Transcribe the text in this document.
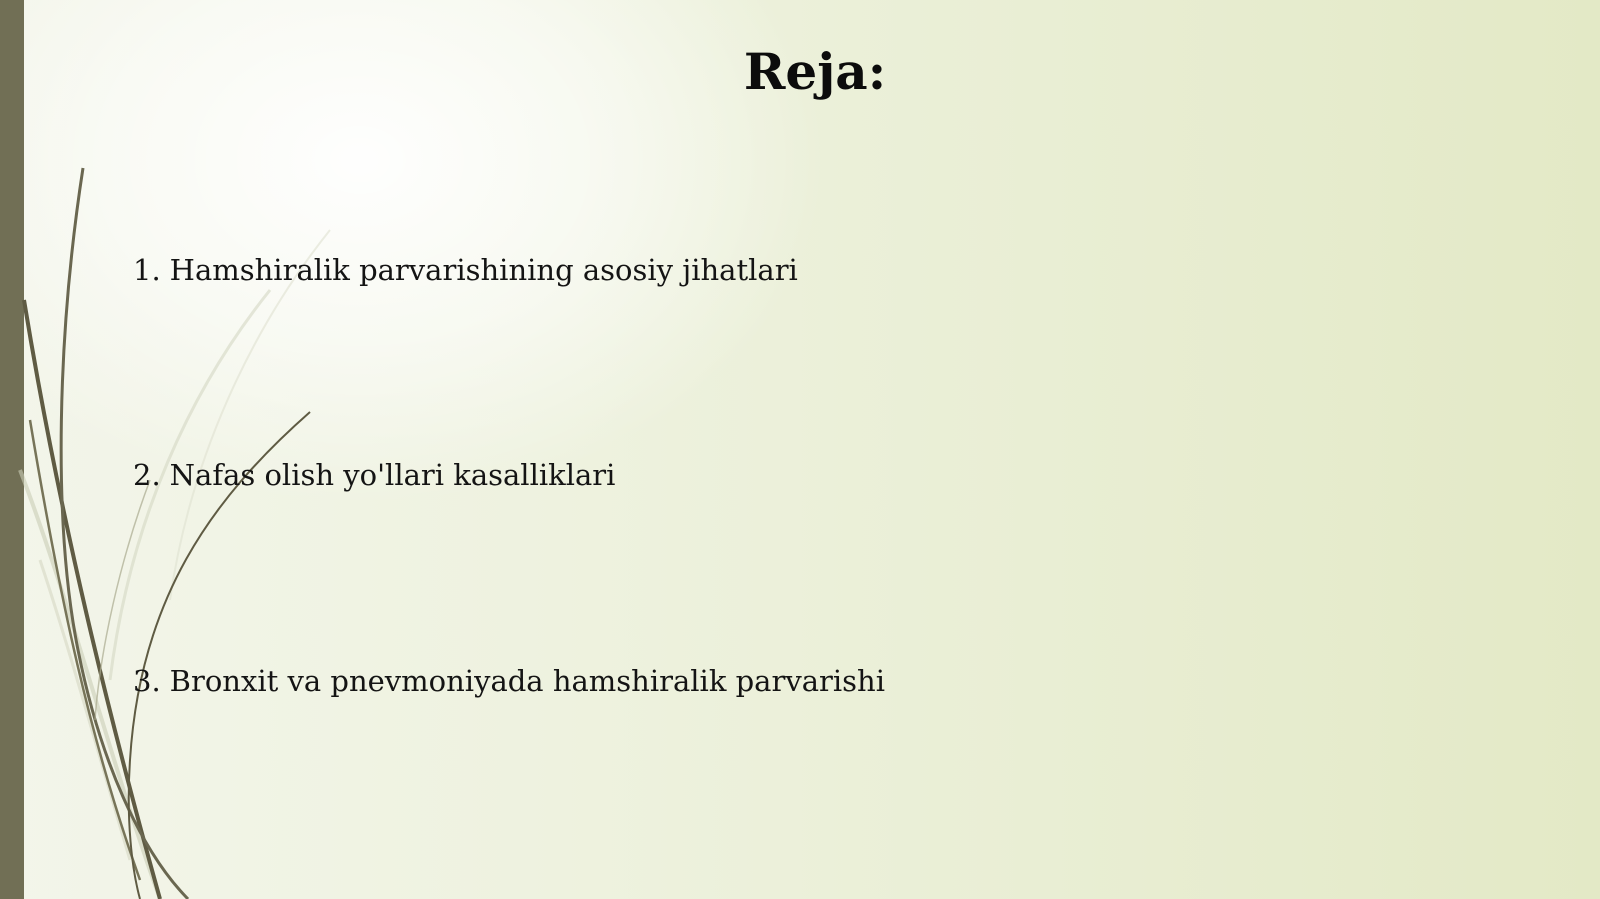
Reja:
1. Hamshiralik parvarishining asosiy jihatlari
2. Nafas olish yo'llari kasalliklari
3. Bronxit va pnevmoniyada hamshiralik parvarishi
